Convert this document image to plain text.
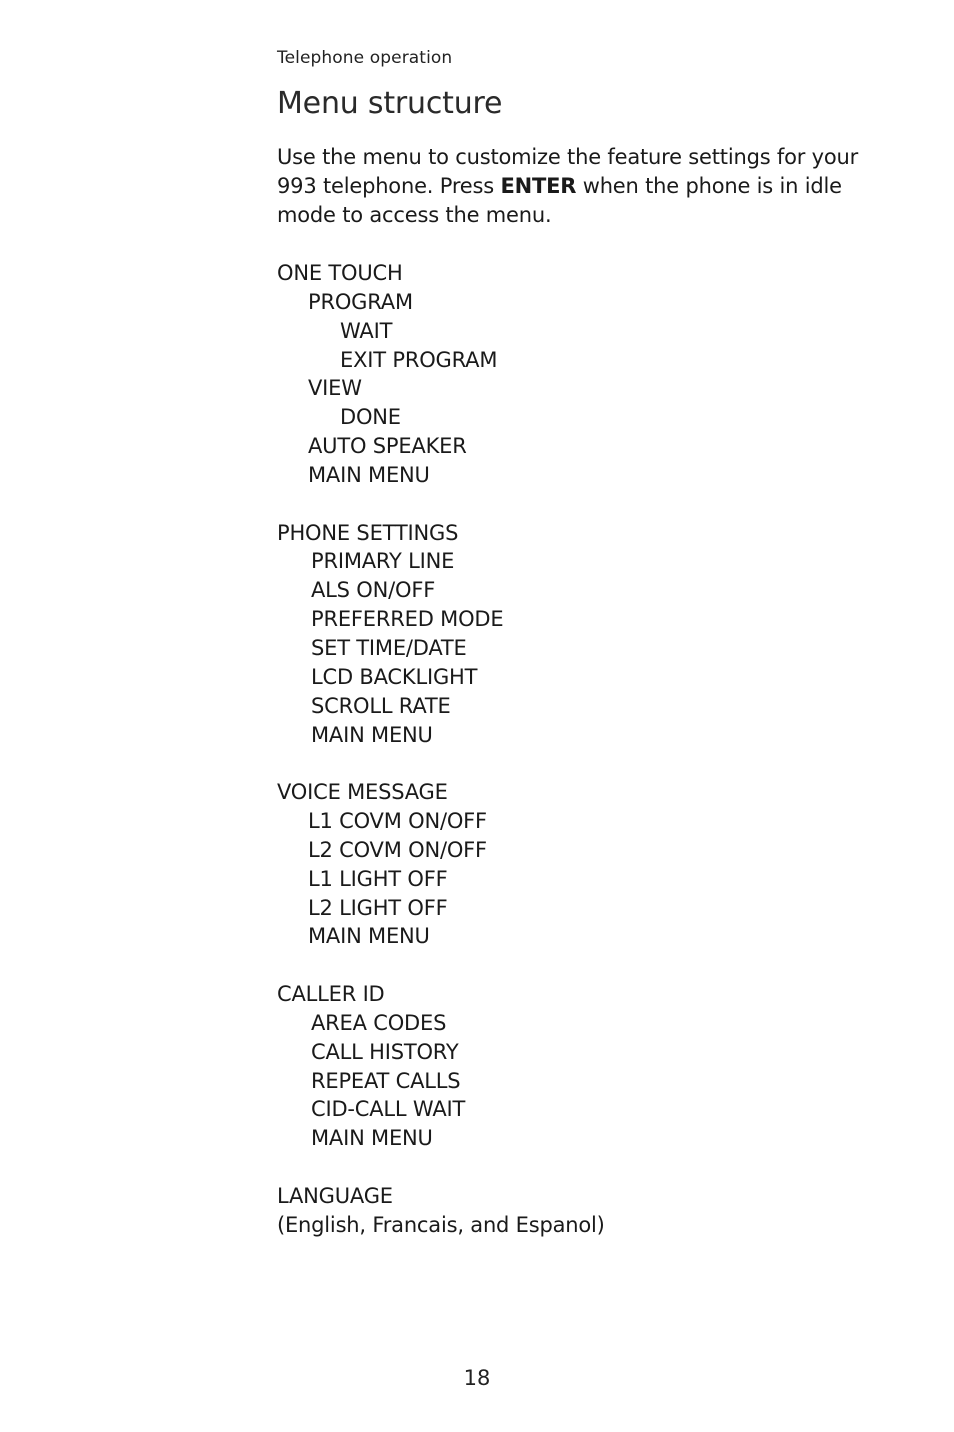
Telephone operation
Menu structure

Use the menu to customize the feature settings for your 993 telephone. Press ENTER when the phone is in idle mode to access the menu.

ONE TOUCH
PROGRAM
WAIT
EXIT PROGRAM
VIEW
DONE
AUTO SPEAKER
MAIN MENU
PHONE SETTINGS
PRIMARY LINE
ALS ON/OFF
PREFERRED MODE
SET TIME/DATE
LCD BACKLIGHT
SCROLL RATE
MAIN MENU
VOICE MESSAGE
L1 COVM ON/OFF
L2 COVM ON/OFF
L1 LIGHT OFF
L2 LIGHT OFF
MAIN MENU
CALLER ID
AREA CODES
CALL HISTORY
REPEAT CALLS
CID-CALL WAIT
MAIN MENU
LANGUAGE
(English, Francais, and Espanol)
18
